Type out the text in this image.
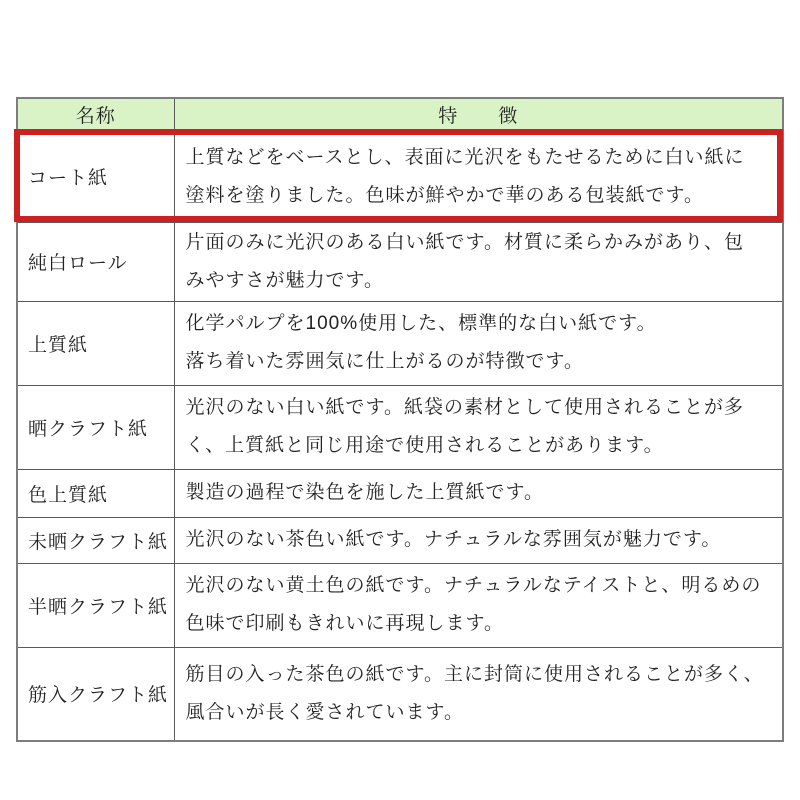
名称	特　　徴
コート紙	上質などをベースとし、表面に光沢をもたせるために白い紙に
塗料を塗りました。色味が鮮やかで華のある包装紙です。

純白ロール	片面のみに光沢のある白い紙です。材質に柔らかみがあり、包
みやすさが魅力です。

上質紙	化学パルプを100%使用した、標準的な白い紙です。
落ち着いた雰囲気に仕上がるのが特徴です。

晒クラフト紙	光沢のない白い紙です。紙袋の素材として使用されることが多
く、上質紙と同じ用途で使用されることがあります。

色上質紙	製造の過程で染色を施した上質紙です。

未晒クラフト紙	光沢のない茶色い紙です。ナチュラルな雰囲気が魅力です。

半晒クラフト紙	光沢のない黄土色の紙です。ナチュラルなテイストと、明るめの
色味で印刷もきれいに再現します。

筋入クラフト紙	筋目の入った茶色の紙です。主に封筒に使用されることが多く、
風合いが長く愛されています。
